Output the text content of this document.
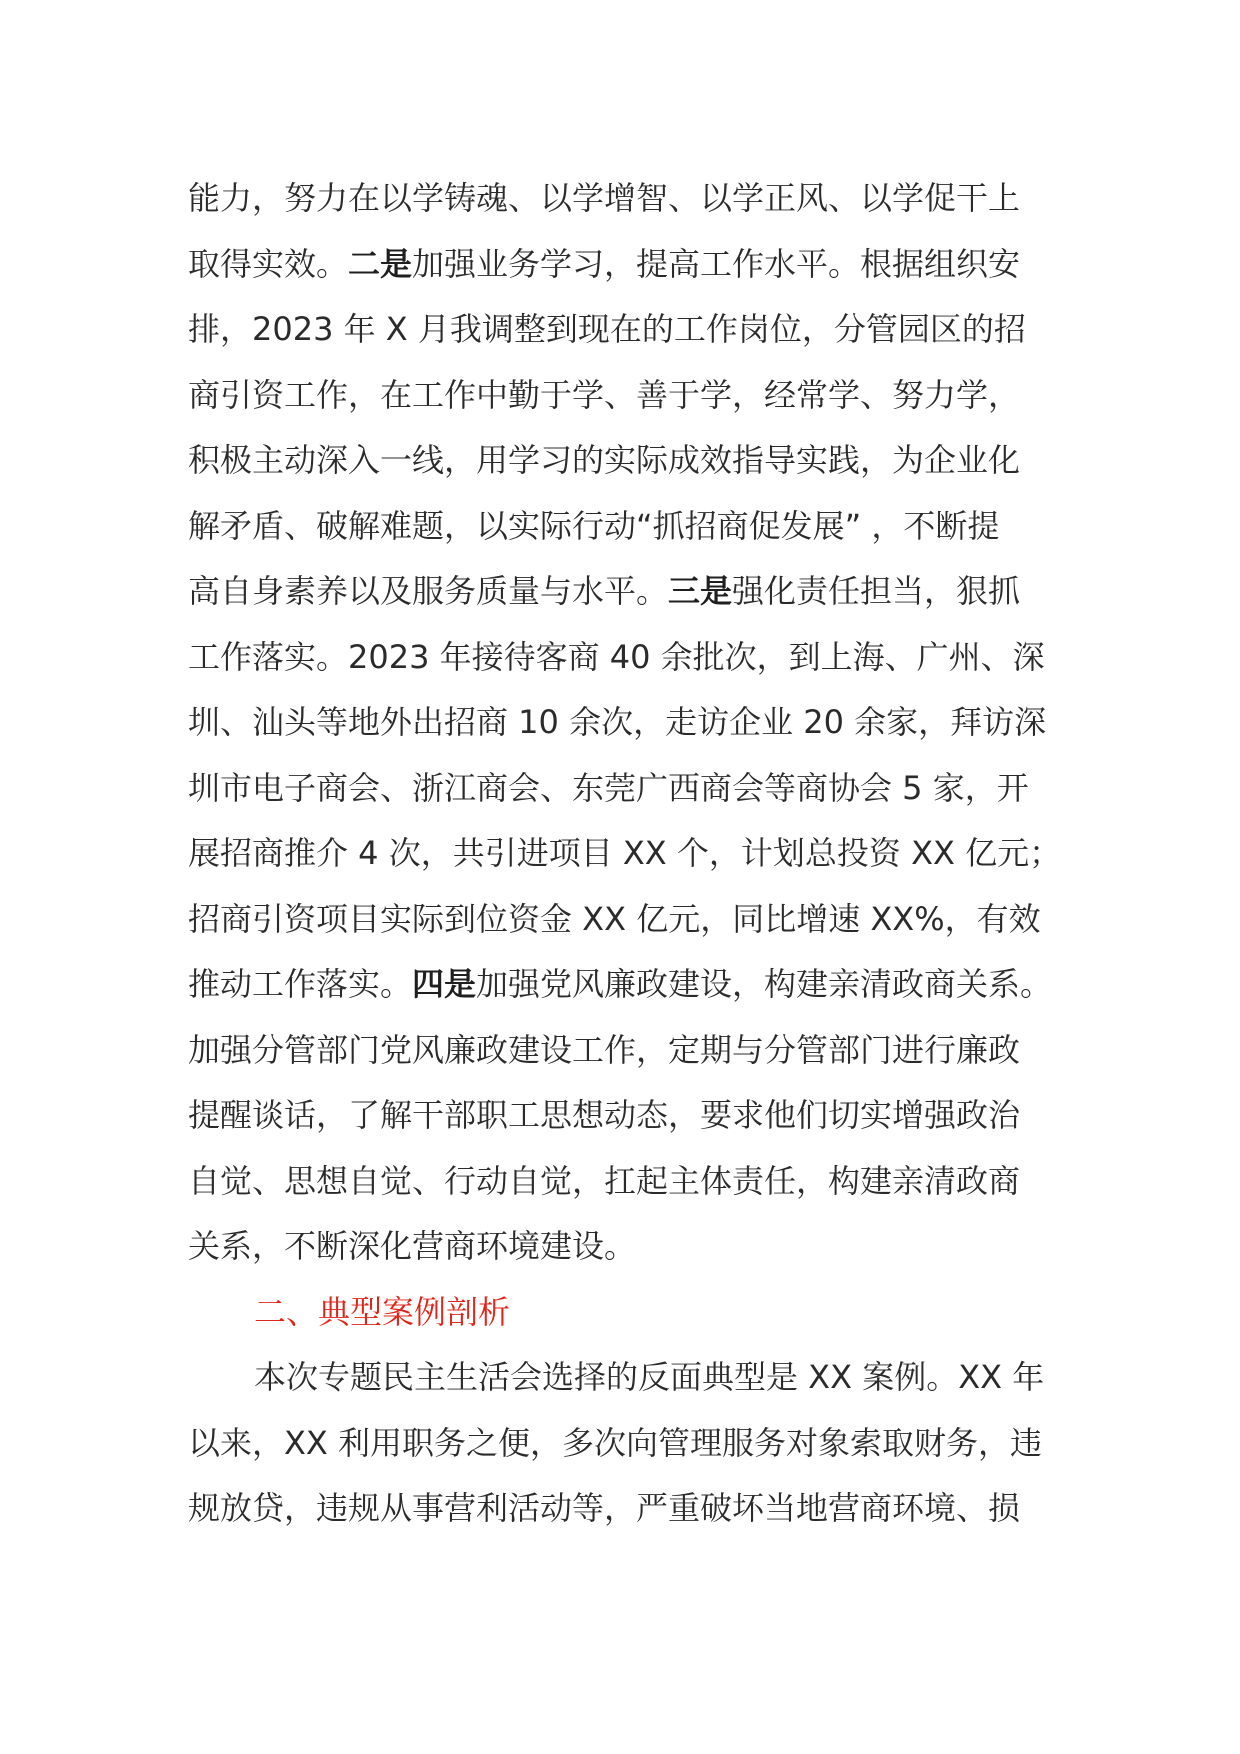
能力，努力在以学铸魂、以学增智、以学正风、以学促干上
取得实效。二是加强业务学习，提高工作水平。根据组织安
排，2023 年 X 月我调整到现在的工作岗位，分管园区的招
商引资工作，在工作中勤于学、善于学，经常学、努力学，
积极主动深入一线，用学习的实际成效指导实践，为企业化
解矛盾、破解难题，以实际行动“抓招商促发展” ，不断提
高自身素养以及服务质量与水平。三是强化责任担当，狠抓
工作落实。2023 年接待客商 40 余批次，到上海、广州、深
圳、汕头等地外出招商 10 余次，走访企业 20 余家，拜访深
圳市电子商会、浙江商会、东莞广西商会等商协会 5 家，开
展招商推介 4 次，共引进项目 XX 个，计划总投资 XX 亿元；
招商引资项目实际到位资金 XX 亿元，同比增速 XX%，有效
推动工作落实。四是加强党风廉政建设，构建亲清政商关系。
加强分管部门党风廉政建设工作，定期与分管部门进行廉政
提醒谈话，了解干部职工思想动态，要求他们切实增强政治
自觉、思想自觉、行动自觉，扛起主体责任，构建亲清政商
关系，不断深化营商环境建设。
二、典型案例剖析
本次专题民主生活会选择的反面典型是 XX 案例。XX 年
以来，XX 利用职务之便，多次向管理服务对象索取财务，违
规放贷，违规从事营利活动等，严重破坏当地营商环境、损
